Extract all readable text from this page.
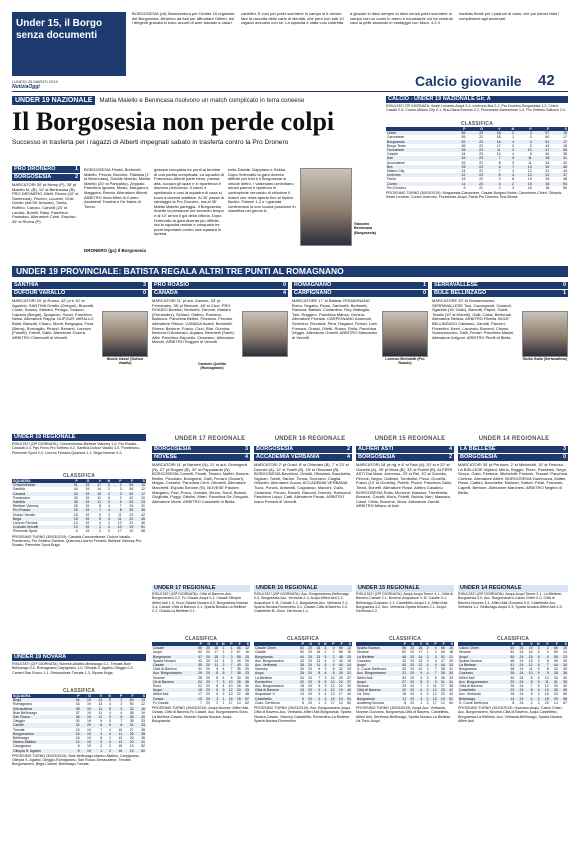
Under 15, il Borgo
senza documenti
BORGOSESIA (cd) Disavventura per l'Under 15 regionale del Borgosesia. All'arrivo ad Asti per affrontare l'Alfieri, ieri i dirigenti granata si sono accorti di aver lasciato a casa i cartellini. E così per poter scendere in campo si è dovuto fare la raccolta delle carte di identità, che però non tutti 10 ragazzi avevano con sé. La squadra è stata così costretta a giocare in dieci sempre in dieci senza poter scendere in campo con un uomo in meno e nonostante ciò ha venduto cara la pelle andando in vantaggio con Mora. 4-2 il risultato finale per i padroni di casa, che poi hanno fatto i complimenti agli avversari.
LUNEDÌ 25 MARZO 2019
NotiziaOggi	Calcio giovanile 42
UNDER 19 NAZIONALE	Mattia Maiello e Benincasa risolvono un match complicato in terra cuneese
Il Borgosesia non perde colpi
Successo in trasferta per i ragazzi di Alberti impegnati sabato in trasferta contro la Pro Dronero
PRO DRONERO	1
BORGOSESIA	2
MARCATORI 30' pt Nemy (P), 35' pt Maiello M. (B), 10' st Benincasa (B). PRO DRONERO Zitelli, Rivera (10' st Sammoud), Fischer, Lucarini, Grisi, Goldin (dal 56' Ariaudo), Tomia, Ruffino, Caruso, Carvelli (20' st Landa), Borelli, Rasy. Panchina Pautasso. Allenatore Conti. Espulso 45' st Rivera (P).
BORGOSESIA Finotti, Bortolotti, Maiello, Pezzia, Bocchio, Filasikia (1' st Benincasa), Davide Maiello, Mattia Maiello (20' st Pancaldo), Zeppaio. Panchina Ignarra, Musio, Margaroni, Maggiora, Renda. Allenatore Alberti. ARBITRO Ilona Mbei di Cuneo. Assistenti Tromba e De Maria di Torino.
gosesia conquista tre punti al termine di una partita complicata. La squadra di Francesco Alberti parte bene, pressa alta, occupa gli spazi e in ripartenza è davvero pericolosa. Il calcio è spettacolo e così la squadra di casa si trova a doversi adattare. Al 30' passa in vantaggio la Pro Dronero, ma al 35' Mattia Maiello pareggia. Il Borgosesia rimette la pressione nel secondo tempo e al 10' arriva il gol della vittoria. Dopo l'intervallo la gara diventa più difficile, ma la squadra resiste e conquista tre punti importanti contro una squadra in ripresa.
nella Davide, Dappiano e Sekka. Dopo l'intervallo la gara diventa difficile per tutti e il Borgosesia si chiude dietro. I valsesiani controllano senza patemi e ripartono in contropiede cercando di chiudere il match che resta aperto fino al triplice fischio. Finisce 1-2 e i granata confermano la loro buona posizione in classifica nel girone A.
DRONERO (gc) Il Borgosesia
Giacomo Benincasa (Borgosesia)
CALCIO - UNDER 19 NAZIONALE Gir. A
RISULTATI 23ª GIORNATA: Sestri Levante-Acqui 2-4, Inveruno-Bra 2-1, Pro Dronero-Borgosesia 1-2, Chieri-Casale 2-6, Cuneo-Milano City 0-1, Bra-Giana Erminio 2-2, Fezzanese-Sanremese 1-2, Pro Settimo-Saluzzo 2-0.
CLASSIFICA
	P	G	V	N	P	F	S
Chieri	56	23	18	2	3	57	19
Caronnese	55	22	18	1	3	60	17
Borgosesia	52	23	16	4	3	51	17
Borgo Teato	36	22	17	2	3	44	18
Fezzanese	35	23	11	2	10	47	56
Casale	34	23	10	4	9	40	38
Asti	26	23	7	5	11	38	41
Arconatese	26	22	8	3	11	34	40
Bra	25	23	6	7	10	30	36
Milano City	24	22	7	3	12	31	44
Inveruno	22	23	6	4	13	31	47
Pavia	15	22	3	6	13	25	48
Cuneo	11	23	3	2	18	16	54
Pro Dronero	9	21	2	3	16	18	60
PROSSIMO TURNO (30/03/2019): Borgosesia-Caronnese, Casale-Borgaro Nobis, Caronnese-Chieri, Olimpia-Sestri Levante, Cuneo-Inveruno, Fezzanese-Acqui, Pavia-Pro Dronero, Bra-Stresa.
UNDER 19 PROVINCIALE: BATISTA REGALA ALTRI TRE PUNTI AL ROMAGNANO
SANTHIA	3
DUFOUR VARALLO	0
MARCATORI 20' pt Rosso, 42' pt e 10' st Agudelo. SANTHIA Grisillo (Gregori), Buzzetti, Costa, Scarso, Mariani, Peruga, Guasco, Capano (Borgai), Spagnolo, Sanzi. Panchina Nessi, Allenatore Rappa. DUFOUR VARALLO Baldi, Barsotti, Chiaro, Monti, Bergagna, Fusa (Berra), Roncaglio, Pirazzi, Benanti, Lorenzo (Fusetti), Faletti, Gallo. Allenatore Guerra. ARBITRO Chiericatti di Vercelli.
Nicolò Cassè (Dufour Varallo)
PRO ROASIO	0
CANADA	4
MARCATORI 11' pt aut. Zanone, 33' pt Fernandez, 36' pt Bertone, 48' st Cicci. PRO ROASIO Beretta, Venturini, Zanone, Mariani (Fernandez), Schiavi, Gallino, Romano, Ballocco. Panchina Bettini, Pezzano, Ferraris. Allenatore Ritucci. CANADA Avaldi, Bertolotti, Rivera, Bertone, Fusco, Cicci, Blat, Gumina, Bertona D'Ambrosio, Aqaiwa, Bertoletti (Santi), Alibi. Panchina Esposito, Cesarano. Allenatore Marchi. ARBITRO Ruggeri di Vercelli.
ROMAGNANO	1
CARPIGNANO	0
MARCATORE 17' st Batista. ROMAGNANO Brera, Segatto, Rossi, Sartoretti, Bertinetti, Ravizza, Batista, Costantino, Rey, Battaglia, Tosi, Ruggero. Panchina Manca, Genina. Allenatore Ferraris. CARPIGNANO Andreoni, Scherino, Ricciardi, Pirra, Ragazzi, Ferrari, Lotti, Fornara, Grassi, Giletti, Rosso, Rolla. Panchina Zeggio. Allenatore Griselli. ARBITRO Mancadeo di Vercelli.
Lorenzo Bertolotti (Pro Roasio)
SERRAVALLESE	0
BULE BELLINZAGO	1
MARCATORE 20' st Scaramozzino. SERRAVALLESE Tosi, Cacciapuoti, Carandi, Sgarella (16' Gallo), Barsotti, Papini, Gardi, Tosatti (10' st Moretti), Galli, Cassi, Bertonali. Allenatore Bellina. ARBITRO Rivella. BULE' BELLINZAGO Cattaneo, Zanotti, Panzeri, Fiorentini, Nervi, Lavorato, Bonomi, Chiuso, Scaramozzino, Galli, Ferrari. Panchina Masini. Allenatore Arrigoni. ARBITRO Pirelli di Biella.
Giulio Gallo (Serravallese)
UNDER 17 REGIONALE	UNDER 16 REGIONALE	UNDER 15 REGIONALE	UNDER 14 REGIONALE
UNDER 19 REGIONALE
RISULTATI (20ª GIORNATA): Crescentinese-Biellese Vianney 1-0, Pro Roasio-Canadà 0-4, Pgs Fenix-Pro Settimo 0-2, Santhià-Dufour Varallo 3-0, Ponderano-Piemonte Sport 2-0, Livorno Ferraris-Quarona 1-1, Briga-Novese 0-3.
CLASSIFICA
SQUADRA	P	G	V	N	P	F	S
Crescentinese	51	19	17	0	2	59	15
Santhià	44	19	14	2	3	59	12
Canadà	42	19	13	3	3	52	17
Ponderano	39	19	11	6	2	42	20
Santhià	36	19	11	3	5	53	23
Biellese Vianney	28	19	8	4	7	29	31
Pro Roasio	25	19	7	4	8	30	35
Dufour Varallo	18	19	5	3	11	23	42
Briga	18	19	5	3	11	20	45
Livorno Ferraris	14	19	4	2	13	22	46
Cossato Vercelli	10	19	2	4	13	19	51
Piemonte Sport	6	19	2	0	17	10	68
PROSSIMO TURNO (30/03/2019): Canadà-Crescentinese, Dufour Varallo-Ponderano, Pro Settimo-Santhià, Quarona-Livorno Ferraris, Biellese Vianney-Pro Roasio, Piemonte Sport-Briga.
UNDER 19 NOVARA
RISULTATI (21ª GIORNATA): Novese-Altalbio-Bellinzago 2-1, Trecate-Bule Bellinzago 0-0, Romagnano-Carpignano 1-0, Olimpia S. Agabio-Oleggio 0-3, Cameri-San Rocco 1-1, Serravallese-Trecate 1-3, Ripose Briga.
CLASSIFICA
SQUADRA	P	G	V	N	P	F	S
Briga	44	19	13	5	1	60	13
Romagnano	43	19	13	4	2	50	22
Serravallese	38	19	11	5	3	32	16
Bule Bellinzago	37	19	11	4	4	38	19
San Rocco	36	19	11	3	5	35	20
Oleggio	30	19	9	3	7	35	33
Cameri	24	20	6	6	8	31	33
Trecate	23	19	7	2	10	27	38
Borgomanero	16	19	4	4	11	26	35
Bellinzago	16	19	5	1	13	20	38
Marino Altalbio	12	19	3	3	13	23	41
Carpignano	8	19	2	2	15	15	52
Olimpia S. Agabio	5	19	1	2	16	13	60
PROSSIMO TURNO (30/03/2019): Bule Bellinzago-Marino Altalbio, Carpignano-Olimpia S. Agabio, Oleggio-Romagnano, San Rocco-Serravallese, Trecate-Borgomanero, Briga-Cameri, Bellinzago-Trecate.
BORGOSESIA	3
NOVESE	4
MARCATORI 11' pt Barbieri (N), 11' st aut. Gramignoli (N), 27' pt Rugani (B), 32' st Pappalardo (N). BORGOSESIA Cornelli, Finotti, Tassini, Maffei, Barone, Bettini, Pizzolato, Bolognesi, Galli, Ferraro (Scolari), Magra, Cesarini. Panchina Cerri, Ottonelli. Allenatore Marchetti. Espulsi Simone (N). NOVESE Pastore, Mangano, Fazi, Porcu, Gandini, Bruno, Sordi, Borsini, Gugliotta, Poggi, Ottolini, Marri. Panchina De Gregorio. Allenatore Monti. ARBITRO Cassinetti di Biella.
UNDER 17 REGIONALE
RISULTATI (20ª GIORNATA): Città di Baveno-Acc. Borgomanero 2-2, Fc Casale-Acqui 0-2, Casale Olimpia Alfieri Asti 1-0, Suno-Sparta Novara 0-2, Borgosesia-Novese 3-4, Casale-Città di Baveno 2-1, Sparta Novara-La Biellese 2-1, Ovada-La Biellese 0-1.
CLASSIFICA
	P	G	V	N	P	F	S
Casale	55	20	18	1	1	66	12
Acqui	52	20	17	1	2	57	16
Borgosesia	47	20	15	2	3	59	20
Sparta Novara	43	20	13	4	3	49	25
Casale	35	20	11	2	7	40	31
Città di Baveno	31	20	9	4	7	35	29
Acc. Borgomanero	29	20	8	5	7	38	33
Novese	28	20	8	4	8	30	30
Cit.di Baveno	24	20	7	3	10	26	36
Suno	22	20	6	4	10	28	40
Acqui	18	20	5	3	12	24	43
Alfieri Asti	17	20	5	2	13	22	48
Ovada	10	20	3	1	16	18	57
Fc Casale	7	20	2	1	17	14	62
PROSSIMO TURNO (30/03/2019): Acqui-Novese, Alfieri Asti-Ovada, Città di Baveno-Fc Casale, Acc. Borgomanero-Suno, La Biellese-Casale, Novese-Sparta Novara, Acqui-Borgosesia.
BORGOSESIA	2
ACCADEMIA VERBANIA	4
MARCATORI 2' pt Graci, 8' st Ottaviani (B), 7' e 23' st Donnici (A), 12' st Torelli (B), 16' st Ottaviani (B). BORGOSESIA Bavelloni, Ortaldi, Ottaviani, Bacchetta, Sigman, Torelli, Sartori, Tonna, Scorrano, Ciaglia, Ghisolfo. Allenatore Zucca. ACCADEMIA VERBANIA Tucci, Ponzio, Antonelli, Cagnasso, Mancini, Gallo, Ciciacioni, Ponzio, Rovelli, Ramoni, Donnici, Raimondi. Panchina Luppi, Catti. Allenatore Pocas. ARBITRO Ivano Ferrara di Vercelli.
UNDER 16 REGIONALE
RISULTATI (20ª GIORNATA): Acc. Borgomanero-Bellinzago 0-4, Borgosesia-Acc. Verbania 2-4, Acqui-Alfieri Asti 2-2, Acqualuce V.-B. Casale 1-1, Borgosesia-Acc. Verbania 2-1, Sparta Novara-Romentino 3-1, Casale-Città di Baveno 2-0, Castelletto B.-Gozz. Derthona 1-1.
CLASSIFICA
	P	G	V	N	P	F	S
Casale Chieri	52	20	16	4	0	59	12
Casale	50	20	16	2	2	55	15
Borgosesia	44	20	13	5	2	48	20
Acc. Borgomanero	43	20	13	4	3	43	18
Acc. Verbania	38	20	11	5	4	40	24
Vianney	30	20	9	3	8	32	33
Acqui	28	20	8	4	8	30	31
La Biellese	24	20	7	3	10	29	37
Romentino	20	20	5	5	10	24	37
Acc. Borgomanero	18	20	5	3	12	22	39
Città di Baveno	16	20	4	4	12	19	40
Acqualuce V.	13	20	3	4	13	17	44
Castelletto	9	20	2	3	15	14	51
Gozz. Derthona	5	20	1	2	17	10	60
PROSSIMO TURNO (30/03/2019): Acc. Borgomanero-Acqui, Città di Baveno-Acc. Verbania, Alfieri Asti-Borgosesia, Sparta Novara-Casale, Vianney-Castelletto, Romentino-La Biellese, Sparta Novara-Romentino.
ALFIERI ASTI	4
BORGOSESIA	2
MARCATORI 18' pt rig. e 6' st Faia (A), 20' st e 22' st Gonella (A), 28' pt Mora (B), 33' st Poletti (B). ALFIERI ASTI Dal Mare, Amoroso, 23' st Rel, 20' st Gonella, Perone, Negro, Galtomi, Tombolini, Picco, Gonella, Franci (10' st Gonella), Poletti, Pivani. Panchina Gallo, Tiezzi, Bonetti. Allenatore Rossi. Arbitro Casalino. BORGOSESIA Rolla, Morrone, Bassino, Trentinella, Bonazzi, Cavalli, Mora, Poletti, Bubba, Neri, Massaro, Cassi, Cetta, Bonomo, Mora. Allenatore Zanolli. ARBITRO Milano di Asti.
UNDER 15 REGIONALE
RISULTATI (20ª GIORNATA): Acqui-Acqui Terme 4-1, Città di Baveno-Casale 2-1, Novese-Acqualuce V.-B. Casale 0-1, Bellinzago-Gozzano 1-1, Castelletto-Acqui 1-0, Alfieri Asti-Borgosesia 4-2, Acc. Verbania-Sparta Novara 2-1, Acqui-Derthona 0-2.
CLASSIFICA
	P	G	V	N	P	F	S
Sparta Novara	56	20	18	2	0	66	15
Novese	52	20	17	1	2	60	18
La Biellese	45	20	14	3	3	52	21
Gozzano	42	20	13	3	4	47	25
Acqui	40	20	12	4	4	44	24
S. Cuore Derthona	33	20	10	3	7	38	31
Acc. Borgomanero	31	20	9	4	7	35	30
Alfieri Asti	30	20	9	3	8	36	33
Acqui	27	20	8	3	9	31	34
Novese	23	20	7	2	11	27	38
Città di Baveno	20	20	6	2	12	25	41
Us Trino	16	20	4	4	12	22	43
Borgosesia	11	20	3	2	15	19	52
Academy Novara	5	20	1	2	17	12	64
PROSSIMO TURNO (30/03/2019): Acqui-Acc. Verbania, Novese-Gozzano, Borgosesia-Città di Baveno, Castelletto-Alfieri Asti, Derthona-Bellinzago, Sparta Novara-La Biellese, Us Trino-Acqui.
LA BIELLESE	3
BORGOSESIA	0
MARCATORI 30' pt Pentone, 2' st Michelotti, 10' st Festosu. LA BIELLESE Vigliani, Merlo, Boggio, Pizzo, Passerini, Negri, Secco, Gallo, Pentone, Michelotti, Festosu, Tessari. Panchina Cortese. Allenatore Alfieri. BORGOSESIA Gambuzza, Mattei, Rossi, Ciattini, Bacchetta, Molinari, Sartori, Pedri, Franzoni, Capelli, Bertone. Allenatore Marchesi. ARBITRO Negrini di Biella.
UNDER 14 REGIONALE
RISULTATI (20ª GIORNATA): Acqui-Acqui Terme 2-1, La Biellese-Borgosesia 3-0, Acc. Borgomanero-Calcio Chieri 0-0, Città di Baveno-Novese 1-1, Alfieri Asti-Gozzano 0-0, Castelletto-Acc. Verbania 1-2, Bellinzago-Acqui 0-3, Sparta Novara-Alfieri Asti 2-3.
CLASSIFICA
	P	G	V	N	P	F	S
Calcio Chieri	60	24	19	3	2	66	15
Novese	52	24	16	4	4	59	24
Acqui	50	24	15	5	4	55	23
Sparta Novara	48	24	15	3	6	50	26
La Biellese	41	24	12	5	7	44	34
Borgosesia	38	24	11	5	8	42	35
Gozzano	35	24	10	5	9	38	36
Alfieri Asti	30	24	8	6	10	34	40
Acc. Borgomanero	29	24	8	5	11	31	39
Città di Baveno	26	24	7	5	12	29	42
Castelletto	22	24	6	4	14	26	45
Acc. Verbania	18	24	5	3	16	23	50
Bellinzago	14	24	4	2	18	20	56
S. Cuore Derthona	8	24	2	2	20	14	67
PROSSIMO TURNO (30/03/2019): Gozzano-Acqui, Calcio Chieri-Acc. Borgomanero, Novese-Città di Baveno, Acqui-Castelletto, Borgosesia-La Biellese, Acc. Verbania-Bellinzago, Sparta Novara-Alfieri Asti.
Carmelo Quidito (Romagnano)
